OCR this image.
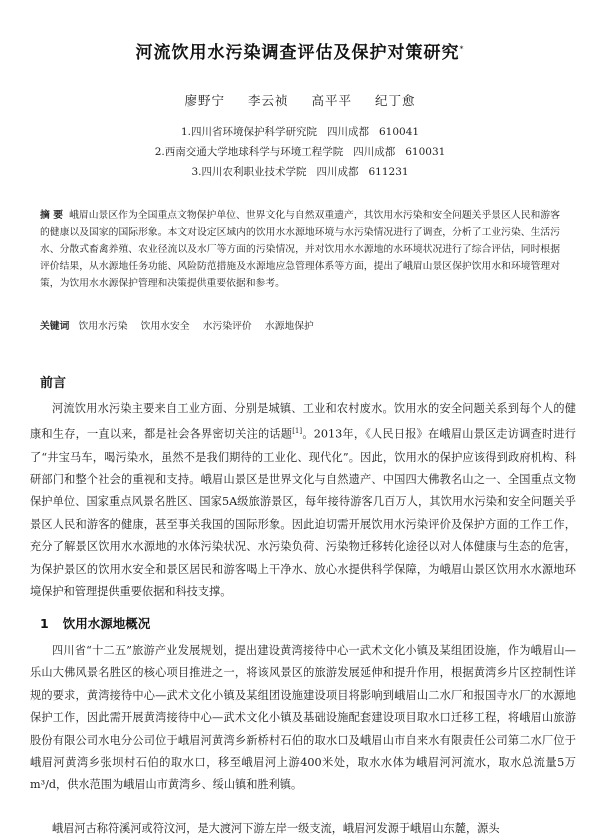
河流饮用水污染调查评估及保护对策研究*
廖野宁 李云祯 高平平 纪丁愈
1.四川省环境保护科学研究院 四川成都 610041
2.西南交通大学地球科学与环境工程学院 四川成都 610031
3.四川农利职业技术学院 四川成都 611231
摘 要 峨眉山景区作为全国重点文物保护单位、世界文化与自然双重遗产，其饮用水污染和安全问题关乎景区人民和游客的健康以及国家的国际形象。本文对设定区域内的饮用水水源地环境与水污染情况进行了调查，分析了工业污染、生活污水、分散式畜禽养殖、农业径流以及水厂等方面的污染情况，并对饮用水水源地的水环境状况进行了综合评估，同时根据评价结果，从水源地任务功能、风险防范措施及水源地应急管理体系等方面，提出了峨眉山景区保护饮用水和环境管理对策，为饮用水水源保护管理和决策提供重要依据和参考。
关键词 饮用水污染 饮用水安全 水污染评价 水源地保护
前言
河流饮用水污染主要来自工业方面、分别是城镇、工业和农村废水。饮用水的安全问题关系到每个人的健康和生存，一直以来，都是社会各界密切关注的话题[1]。2013年，《人民日报》在峨眉山景区走访调查时进行了“井宝马车，喝污染水，虽然不是我们期待的工业化、现代化”。因此，饮用水的保护应该得到政府机构、科研部门和整个社会的重视和支持。峨眉山景区是世界文化与自然遗产、中国四大佛教名山之一、全国重点文物保护单位、国家重点风景名胜区、国家5A级旅游景区，每年接待游客几百万人，其饮用水污染和安全问题关乎景区人民和游客的健康，甚至事关我国的国际形象。因此迫切需开展饮用水污染评价及保护方面的工作工作，充分了解景区饮用水水源地的水体污染状况、水污染负荷、污染物迁移转化途径以对人体健康与生态的危害，为保护景区的饮用水安全和景区居民和游客喝上干净水、放心水提供科学保障，为峨眉山景区饮用水水源地环境保护和管理提供重要依据和科技支撑。
1 饮用水源地概况
四川省“十二五”旅游产业发展规划，提出建设黄湾接待中心一武术文化小镇及某组团设施，作为峨眉山—乐山大佛风景名胜区的核心项目推进之一，将该风景区的旅游发展延伸和提升作用，根据黄湾乡片区控制性详规的要求，黄湾接待中心—武术文化小镇及某组团设施建设项目将影响到峨眉山二水厂和报国寺水厂的水源地保护工作，因此需开展黄湾接待中心—武术文化小镇及基础设施配套建设项目取水口迁移工程，将峨眉山旅游股份有限公司水电分公司位于峨眉河黄湾乡新桥村石伯的取水口及峨眉山市自来水有限责任公司第二水厂位于峨眉河黄湾乡张坝村石伯的取水口，移至峨眉河上游400米处，取水水体为峨眉河河流水，取水总流量5万m³/d，供水范围为峨眉山市黄湾乡、绥山镇和胜利镇。
峨眉河古称符溪河或符汶河，是大渡河下游左岸一级支流，峨眉河发源于峨眉山东麓，源头
